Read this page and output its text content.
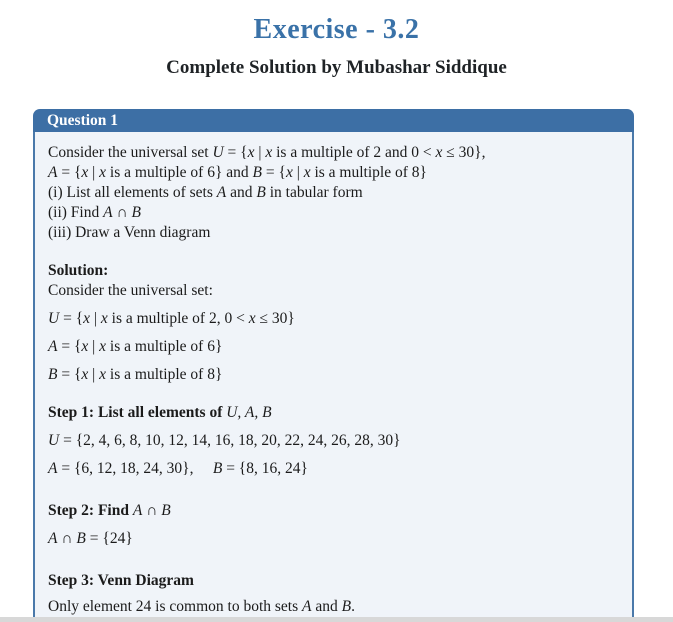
Exercise - 3.2
Complete Solution by Mubashar Siddique
Question 1
Consider the universal set U = {x | x is a multiple of 2 and 0 < x ≤ 30},
A = {x | x is a multiple of 6} and B = {x | x is a multiple of 8}
(i) List all elements of sets A and B in tabular form
(ii) Find A ∩ B
(iii) Draw a Venn diagram
Solution:
Consider the universal set:
U = {x | x is a multiple of 2, 0 < x ≤ 30}
A = {x | x is a multiple of 6}
B = {x | x is a multiple of 8}
Step 1: List all elements of U, A, B
U = {2, 4, 6, 8, 10, 12, 14, 16, 18, 20, 22, 24, 26, 28, 30}
A = {6, 12, 18, 24, 30},     B = {8, 16, 24}
Step 2: Find A ∩ B
A ∩ B = {24}
Step 3: Venn Diagram
Only element 24 is common to both sets A and B.
